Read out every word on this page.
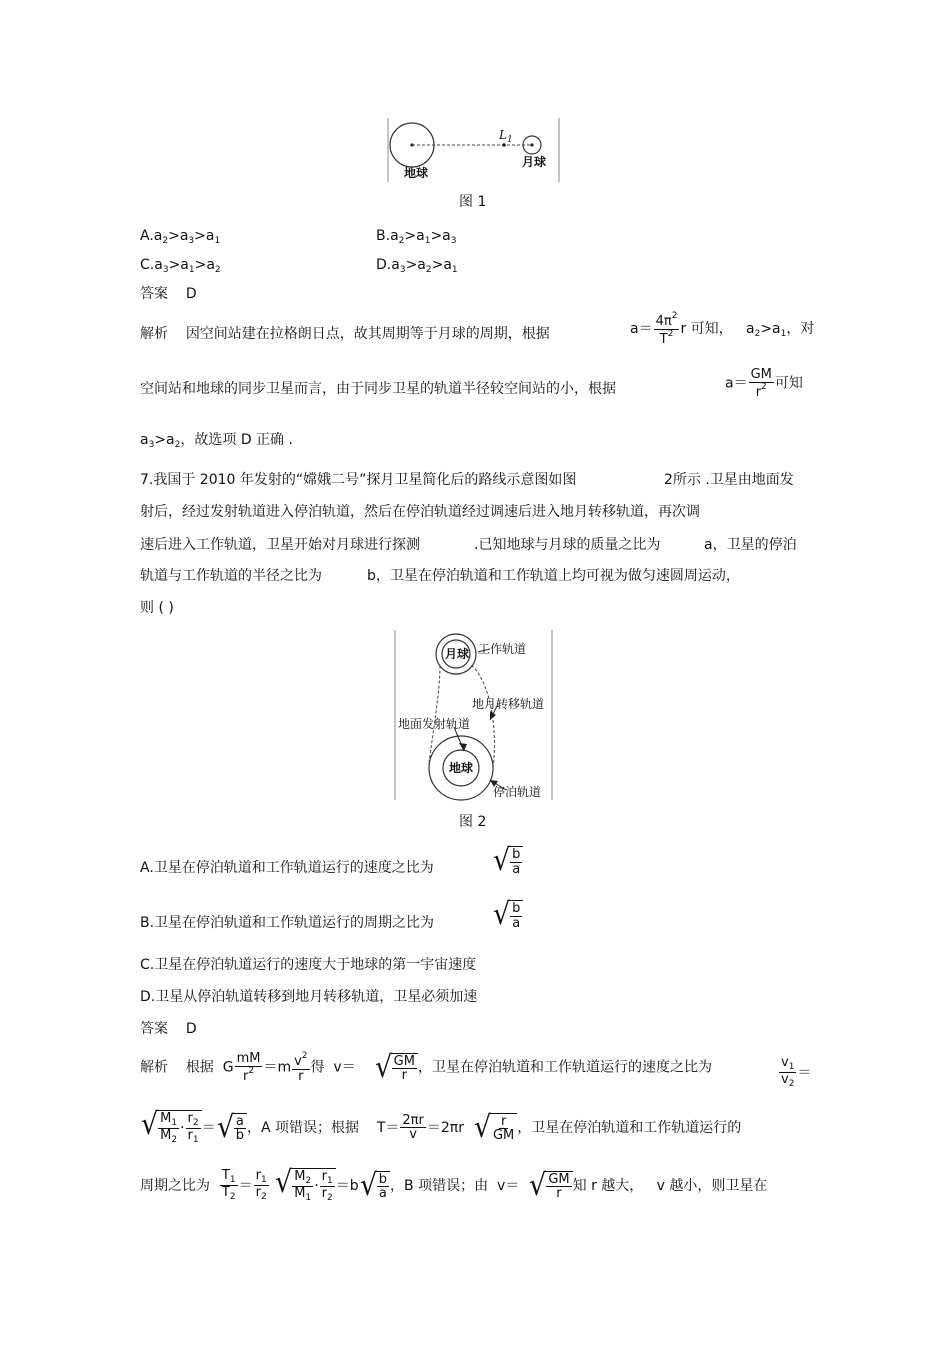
地球
月球
$L_1$
图 1
$A.a_2>a_3>a_1$	$B.a_2>a_1>a_3$
$C.a_3>a_1>a_2$	$D.a_3>a_2>a_1$
答案 D
解析 因空间站建在拉格朗日点，故其周期等于月球的周期，根据	$a= \frac{4\pi^2}{T^2}$ r 可知，   $a_2>a_1$，对
空间站和地球的同步卫星而言，由于同步卫星的轨道半径较空间站的小，根据	$a= \frac{GM}{r^2}$ 可知
$a_3>a_2$，故选项 D 正确 .
7.我国于 2010 年发射的“嫦娥二号”探月卫星简化后的路线示意图如图	2所示 .卫星由地面发
射后，经过发射轨道进入停泊轨道，然后在停泊轨道经过调速后进入地月转移轨道，再次调
速后进入工作轨道，卫星开始对月球进行探测	.已知地球与月球的质量之比为	a，卫星的停泊
轨道与工作轨道的半径之比为	b，卫星在停泊轨道和工作轨道上均可视为做匀速圆周运动，
则 ( )
月球 工作轨道
地月转移轨道
地面发射轨道
地球
停泊轨道
图 2
A.卫星在停泊轨道和工作轨道运行的速度之比为 √ $\frac{b}{a}$
B.卫星在停泊轨道和工作轨道运行的周期之比为 √ $\frac{b}{a}$
C.卫星在停泊轨道运行的速度大于地球的第一宇宙速度
D.卫星从停泊轨道转移到地月转移轨道，卫星必须加速
答案 D
解析 根据  G $\frac{mM}{r^2} =m \frac{v^2}{r}$ 得  v＝ √ $\frac{GM}{r}$ ，卫星在停泊轨道和工作轨道运行的速度之比为	$\frac{v_1}{v_2}$ ＝
√ $\frac{M_1}{M_2} \cdot \frac{r_2}{r_1}$ ＝ √ $\frac{a}{b}$ ，A 项错误；根据    $T= \frac{2\pi r}{v} =2\pi r$ √ $\frac{r}{GM}$ ，卫星在停泊轨道和工作轨道运行的
周期之比为 $\frac{T_1}{T_2} = \frac{r_1}{r_2}$
√ $\frac{M_2}{M_1} \cdot \frac{r_1}{r_2} =b$ √ $\frac{b}{a}$ ，B 项错误；由  v＝ √ $\frac{GM}{r}$ 知 r 越大， v 越小，则卫星在
